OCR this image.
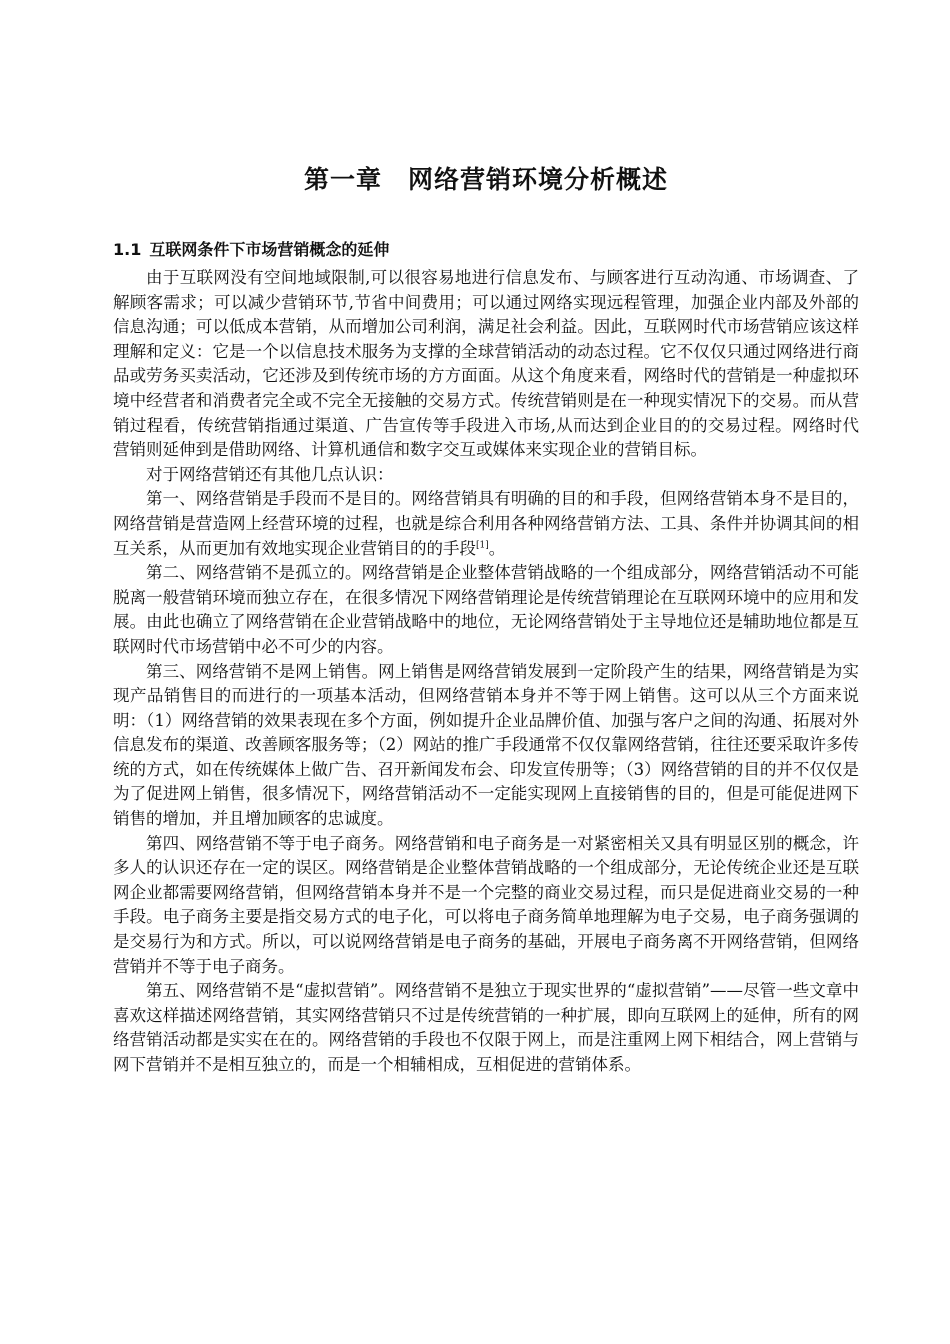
第一章　网络营销环境分析概述
1.1 互联网条件下市场营销概念的延伸

由于互联网没有空间地域限制,可以很容易地进行信息发布、与顾客进行互动沟通、市场调查、了解顾客需求；可以减少营销环节,节省中间费用；可以通过网络实现远程管理，加强企业内部及外部的信息沟通；可以低成本营销，从而增加公司利润，满足社会利益。因此，互联网时代市场营销应该这样理解和定义：它是一个以信息技术服务为支撑的全球营销活动的动态过程。它不仅仅只通过网络进行商品或劳务买卖活动，它还涉及到传统市场的方方面面。从这个角度来看，网络时代的营销是一种虚拟环境中经营者和消费者完全或不完全无接触的交易方式。传统营销则是在一种现实情况下的交易。而从营销过程看，传统营销指通过渠道、广告宣传等手段进入市场,从而达到企业目的的交易过程。网络时代营销则延伸到是借助网络、计算机通信和数字交互或媒体来实现企业的营销目标。

对于网络营销还有其他几点认识：

第一、网络营销是手段而不是目的。网络营销具有明确的目的和手段，但网络营销本身不是目的，网络营销是营造网上经营环境的过程，也就是综合利用各种网络营销方法、工具、条件并协调其间的相互关系，从而更加有效地实现企业营销目的的手段[1]。

第二、网络营销不是孤立的。网络营销是企业整体营销战略的一个组成部分，网络营销活动不可能脱离一般营销环境而独立存在，在很多情况下网络营销理论是传统营销理论在互联网环境中的应用和发展。由此也确立了网络营销在企业营销战略中的地位，无论网络营销处于主导地位还是辅助地位都是互联网时代市场营销中必不可少的内容。

第三、网络营销不是网上销售。网上销售是网络营销发展到一定阶段产生的结果，网络营销是为实现产品销售目的而进行的一项基本活动，但网络营销本身并不等于网上销售。这可以从三个方面来说明：（1）网络营销的效果表现在多个方面，例如提升企业品牌价值、加强与客户之间的沟通、拓展对外信息发布的渠道、改善顾客服务等；（2）网站的推广手段通常不仅仅靠网络营销，往往还要采取许多传统的方式，如在传统媒体上做广告、召开新闻发布会、印发宣传册等；（3）网络营销的目的并不仅仅是为了促进网上销售，很多情况下，网络营销活动不一定能实现网上直接销售的目的，但是可能促进网下销售的增加，并且增加顾客的忠诚度。

第四、网络营销不等于电子商务。网络营销和电子商务是一对紧密相关又具有明显区别的概念，许多人的认识还存在一定的误区。网络营销是企业整体营销战略的一个组成部分，无论传统企业还是互联网企业都需要网络营销，但网络营销本身并不是一个完整的商业交易过程，而只是促进商业交易的一种手段。电子商务主要是指交易方式的电子化，可以将电子商务简单地理解为电子交易，电子商务强调的是交易行为和方式。所以，可以说网络营销是电子商务的基础，开展电子商务离不开网络营销，但网络营销并不等于电子商务。

第五、网络营销不是“虚拟营销”。网络营销不是独立于现实世界的“虚拟营销”——尽管一些文章中喜欢这样描述网络营销，其实网络营销只不过是传统营销的一种扩展，即向互联网上的延伸，所有的网络营销活动都是实实在在的。网络营销的手段也不仅限于网上，而是注重网上网下相结合，网上营销与网下营销并不是相互独立的，而是一个相辅相成，互相促进的营销体系。
